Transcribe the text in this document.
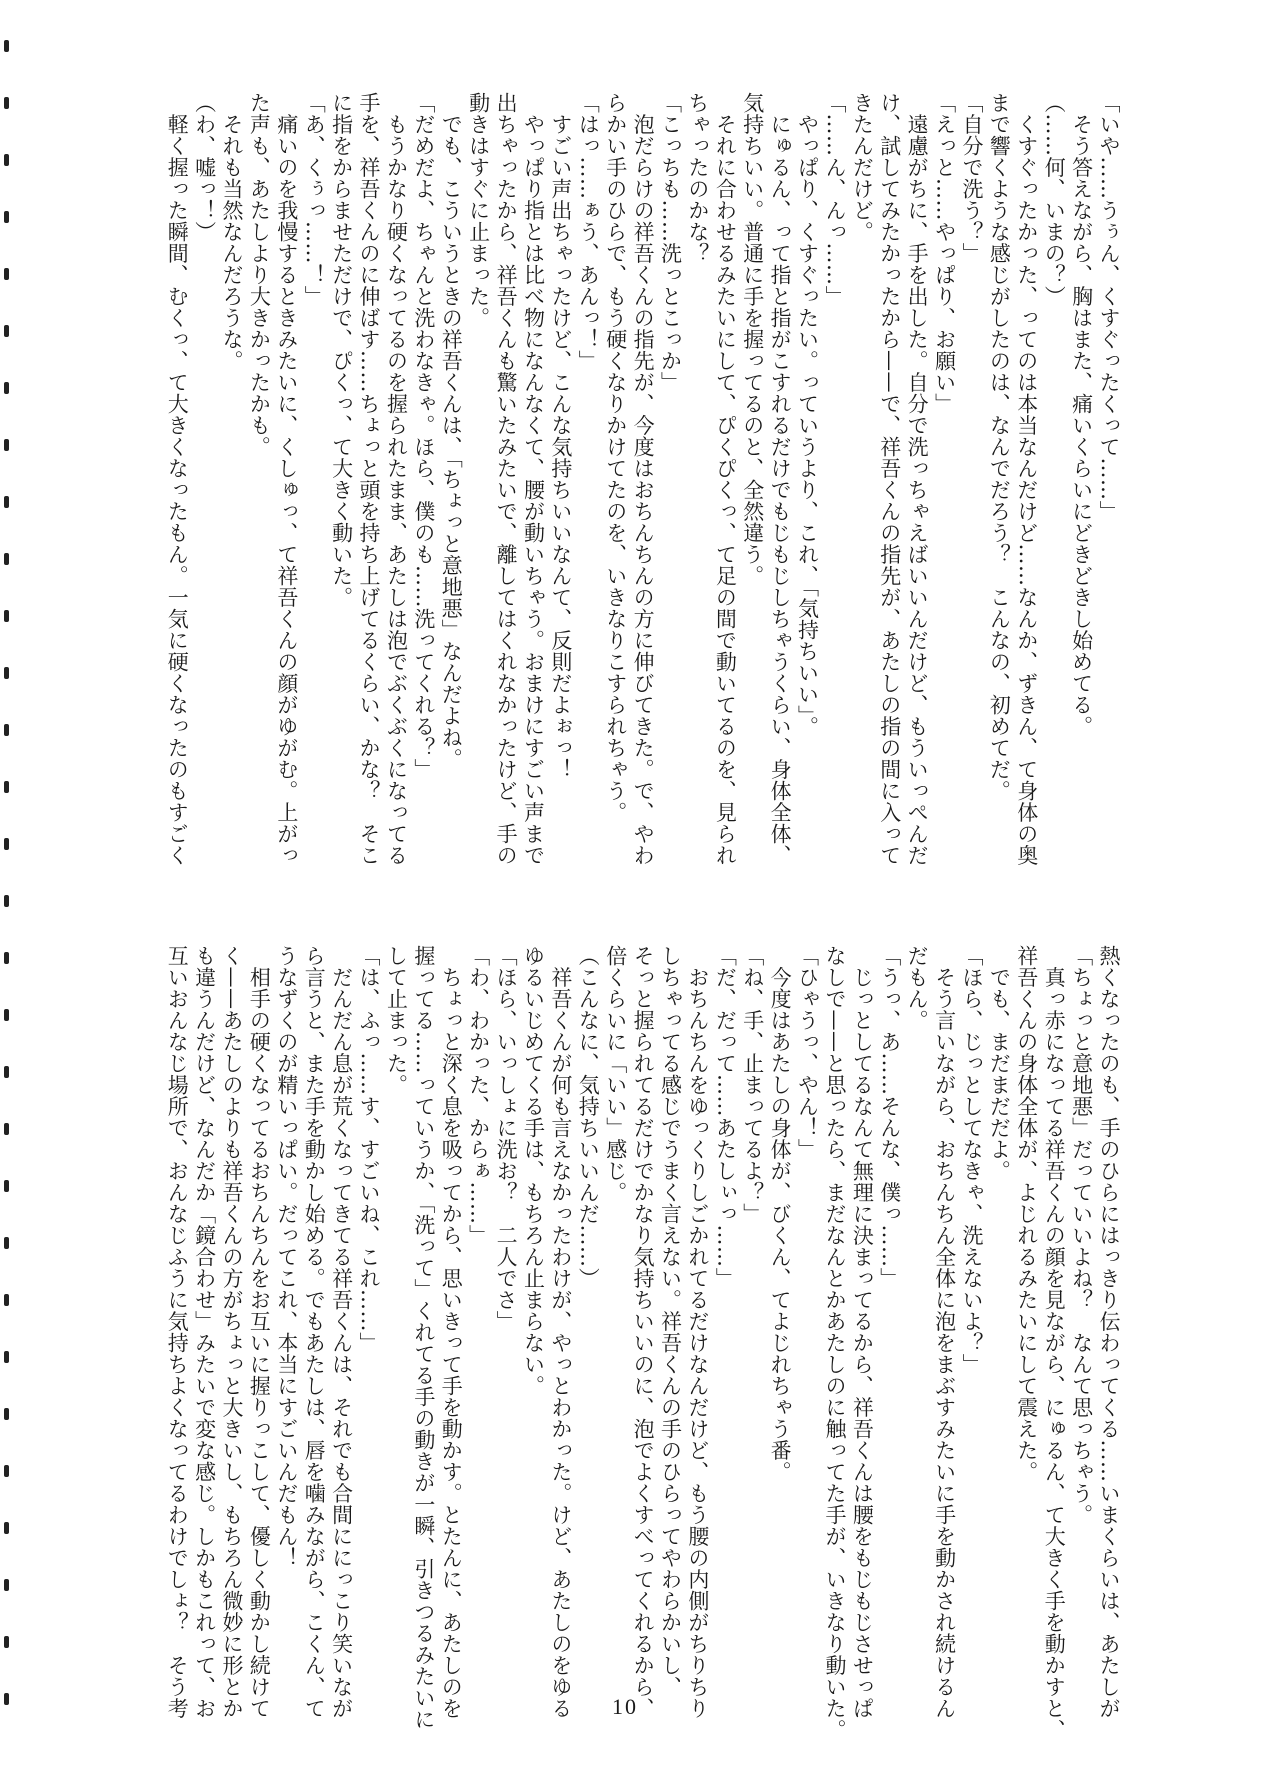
「いや……うぅん、くすぐったくって……」
　そう答えながら、胸はまた、痛いくらいにどきどきし始めてる。
（……何、いまの？）
　くすぐったかった、ってのは本当なんだけど……なんか、ずきん、て身体の奥
まで響くような感じがしたのは、なんでだろう？　こんなの、初めてだ。
「自分で洗う？」
「えっと……やっぱり、お願い」
　遠慮がちに、手を出した。自分で洗っちゃえばいいんだけど、もういっぺんだ
け、試してみたかったから——で、祥吾くんの指先が、あたしの指の間に入って
きたんだけど。
「……ん、んっ……」
　やっぱり、くすぐったい。っていうより、これ、「気持ちいい」。
　にゅるん、って指と指がこすれるだけでもじもじしちゃうくらい、身体全体、
気持ちいい。普通に手を握ってるのと、全然違う。
　それに合わせるみたいにして、ぴくぴくっ、て足の間で動いてるのを、見られ
ちゃったのかな？
「こっちも……洗っとこっか」
　泡だらけの祥吾くんの指先が、今度はおちんちんの方に伸びてきた。で、やわ
らかい手のひらで、もう硬くなりかけてたのを、いきなりこすられちゃう。
「はっ……ぁう、あんっ！」
　すごい声出ちゃったけど、こんな気持ちいいなんて、反則だよぉっ！
　やっぱり指とは比べ物になんなくて、腰が動いちゃう。おまけにすごい声まで
出ちゃったから、祥吾くんも驚いたみたいで、離してはくれなかったけど、手の
動きはすぐに止まった。
　でも、こういうときの祥吾くんは、「ちょっと意地悪」なんだよね。
「だめだよ、ちゃんと洗わなきゃ。ほら、僕のも……洗ってくれる？」
　もうかなり硬くなってるのを握られたまま、あたしは泡でぶくぶくになってる
手を、祥吾くんのに伸ばす……ちょっと頭を持ち上げてるくらい、かな？　そこ
に指をからませただけで、ぴくっ、て大きく動いた。
「あ、くぅっ……！」
　痛いのを我慢するときみたいに、くしゅっ、て祥吾くんの顔がゆがむ。上がっ
た声も、あたしより大きかったかも。
　それも当然なんだろうな。
（わ、嘘っ！）
　軽く握った瞬間、むくっ、て大きくなったもん。一気に硬くなったのもすごく
熱くなったのも、手のひらにはっきり伝わってくる……いまくらいは、あたしが
「ちょっと意地悪」だっていいよね？　なんて思っちゃう。
　真っ赤になってる祥吾くんの顔を見ながら、にゅるん、て大きく手を動かすと、
祥吾くんの身体全体が、よじれるみたいにして震えた。
　でも、まだまだだよ。
「ほら、じっとしてなきゃ、洗えないよ？」
　そう言いながら、おちんちん全体に泡をまぶすみたいに手を動かされ続けるん
だもん。
「うっ、あ……そんな、僕っ……」
　じっとしてるなんて無理に決まってるから、祥吾くんは腰をもじもじさせっぱ
なしで——と思ったら、まだなんとかあたしのに触ってた手が、いきなり動いた。
「ひゃうっ、やん！」
　今度はあたしの身体が、びくん、てよじれちゃう番。
「ね、手、止まってるよ？」
「だ、だって……あたしぃっ……」
　おちんちんをゆっくりしごかれてるだけなんだけど、もう腰の内側がちりちり
しちゃってる感じでうまく言えない。祥吾くんの手のひらってやわらかいし、
そっと握られてるだけでかなり気持ちいいのに、泡でよくすべってくれるから、
倍くらいに「いい」感じ。
（こんなに、気持ちいいんだ……）
　祥吾くんが何も言えなかったわけが、やっとわかった。けど、あたしのをゆる
ゆるいじめてくる手は、もちろん止まらない。
「ほら、いっしょに洗お？　二人でさ」
「わ、わかった、からぁ……」
　ちょっと深く息を吸ってから、思いきって手を動かす。とたんに、あたしのを
握ってる……っていうか、「洗って」くれてる手の動きが一瞬、引きつるみたいに
して止まった。
「は、ふっ……す、すごいね、これ……」
　だんだん息が荒くなってきてる祥吾くんは、それでも合間ににっこり笑いなが
ら言うと、また手を動かし始める。でもあたしは、唇を噛みながら、こくん、て
うなずくのが精いっぱい。だってこれ、本当にすごいんだもん！
　相手の硬くなってるおちんちんをお互いに握りっこして、優しく動かし続けて
く——あたしのよりも祥吾くんの方がちょっと大きいし、もちろん微妙に形とか
も違うんだけど、なんだか「鏡合わせ」みたいで変な感じ。しかもこれって、お
互いおんなじ場所で、おんなじふうに気持ちよくなってるわけでしょ？　そう考	10
